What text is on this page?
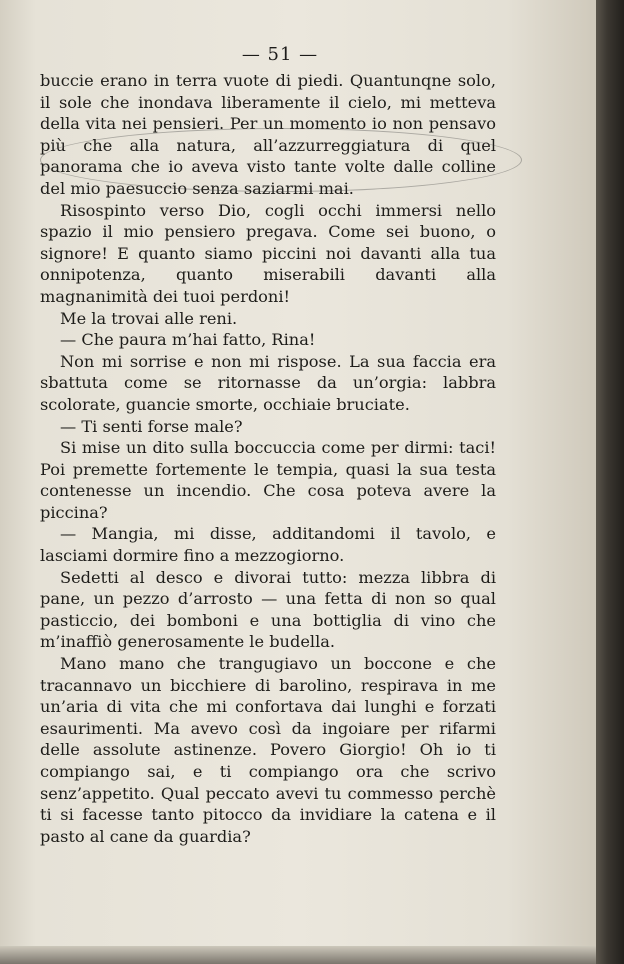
— 51 —

buccie erano in terra vuote di piedi. Quantunqne solo, il sole che inondava liberamente il cielo, mi metteva della vita nei pensieri. Per un momento io non pensavo più che alla natura, all’azzurreggiatura di quel panorama che io aveva visto tante volte dalle colline del mio paesuccio senza saziarmi mai.

Risospinto verso Dio, cogli occhi immersi nello spazio il mio pensiero pregava. Come sei buono, o signore! E quanto siamo piccini noi davanti alla tua onnipotenza, quanto miserabili davanti alla magnanimità dei tuoi perdoni!

Me la trovai alle reni.

— Che paura m’hai fatto, Rina!

Non mi sorrise e non mi rispose. La sua faccia era sbattuta come se ritornasse da un’orgia: labbra scolorate, guancie smorte, occhiaie bruciate.

— Ti senti forse male?

Si mise un dito sulla boccuccia come per dirmi: taci! Poi premette fortemente le tempia, quasi la sua testa contenesse un incendio. Che cosa poteva avere la piccina?

— Mangia, mi disse, additandomi il tavolo, e lasciami dormire fino a mezzogiorno.

Sedetti al desco e divorai tutto: mezza libbra di pane, un pezzo d’arrosto — una fetta di non so qual pasticcio, dei bomboni e una bottiglia di vino che m’inaffiò generosamente le budella.

Mano mano che trangugiavo un boccone e che tracannavo un bicchiere di barolino, respirava in me un’aria di vita che mi confortava dai lunghi e forzati esaurimenti. Ma avevo così da ingoiare per rifarmi delle assolute astinenze. Povero Giorgio! Oh io ti compiango sai, e ti compiango ora che scrivo senz’appetito. Qual peccato avevi tu commesso perchè ti si facesse tanto pitocco da invidiare la catena e il pasto al cane da guardia?
